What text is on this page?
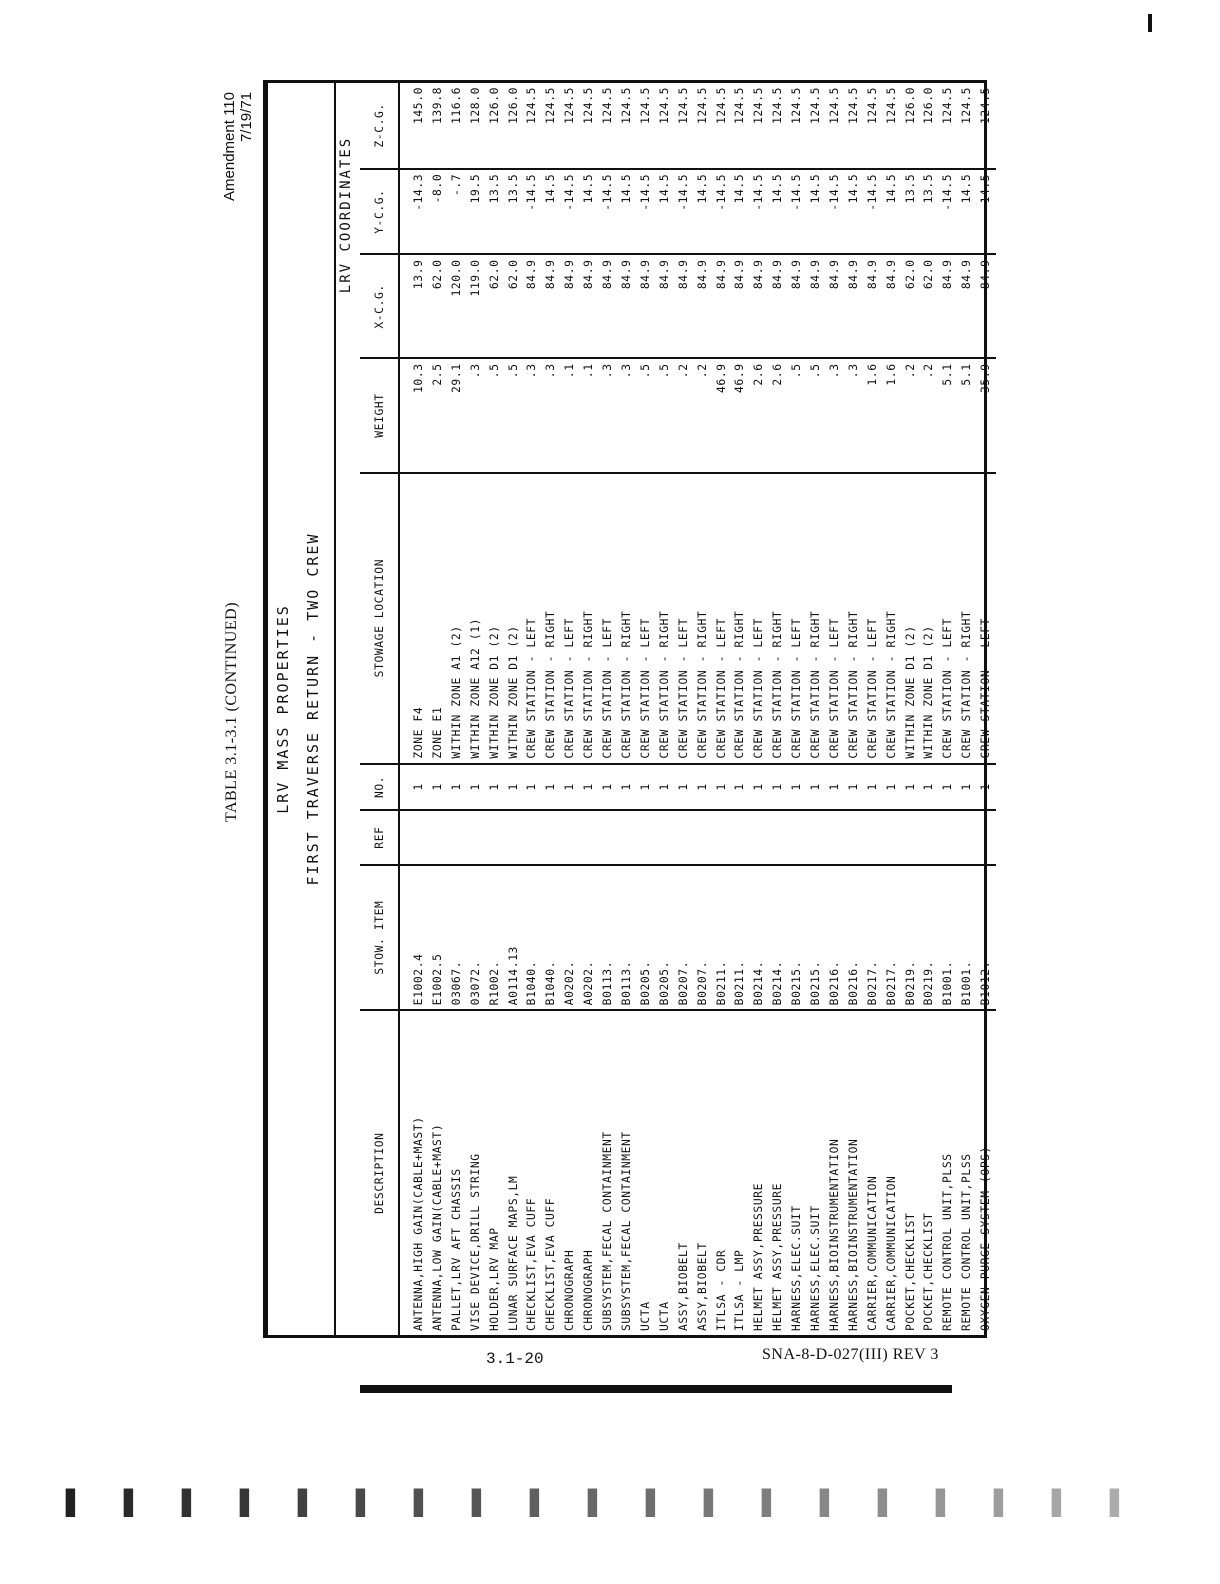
TABLE 3.1-3.1 (CONTINUED)
Amendment 110 7/19/71
LRV MASS PROPERTIES FIRST TRAVERSE RETURN - TWO CREW
LRV COORDINATES
DESCRIPTION	STOW. ITEM	REF	NO.	STOWAGE LOCATION	WEIGHT	X-C.G.	Y-C.G.	Z-C.G.
ANTENNA,HIGH GAIN(CABLE+MAST)	E1002.4		1	ZONE F4	10.3	13.9	-14.3	145.0
ANTENNA,LOW GAIN(CABLE+MAST)	E1002.5		1	ZONE E1	2.5	62.0	-8.0	139.8
PALLET,LRV AFT CHASSIS	03067.		1	WITHIN ZONE A1 (2)	29.1	120.0	-.7	116.6
VISE DEVICE,DRILL STRING	03072.		1	WITHIN ZONE A12 (1)	.3	119.0	19.5	128.0
HOLDER,LRV MAP	R1002.		1	WITHIN ZONE D1 (2)	.5	62.0	13.5	126.0
LUNAR SURFACE MAPS,LM	A0114.13		1	WITHIN ZONE D1 (2)	.5	62.0	13.5	126.0
CHECKLIST,EVA CUFF	B1040.		1	CREW STATION - LEFT	.3	84.9	-14.5	124.5
CHECKLIST,EVA CUFF	B1040.		1	CREW STATION - RIGHT	.3	84.9	14.5	124.5
CHRONOGRAPH	A0202.		1	CREW STATION - LEFT	.1	84.9	-14.5	124.5
CHRONOGRAPH	A0202.		1	CREW STATION - RIGHT	.1	84.9	14.5	124.5
SUBSYSTEM,FECAL CONTAINMENT	B0113.		1	CREW STATION - LEFT	.3	84.9	-14.5	124.5
SUBSYSTEM,FECAL CONTAINMENT	B0113.		1	CREW STATION - RIGHT	.3	84.9	14.5	124.5
UCTA	B0205.		1	CREW STATION - LEFT	.5	84.9	-14.5	124.5
UCTA	B0205.		1	CREW STATION - RIGHT	.5	84.9	14.5	124.5
ASSY,BIOBELT	B0207.		1	CREW STATION - LEFT	.2	84.9	-14.5	124.5
ASSY,BIOBELT	B0207.		1	CREW STATION - RIGHT	.2	84.9	14.5	124.5
ITLSA - CDR	B0211.		1	CREW STATION - LEFT	46.9	84.9	-14.5	124.5
ITLSA - LMP	B0211.		1	CREW STATION - RIGHT	46.9	84.9	14.5	124.5
HELMET ASSY,PRESSURE	B0214.		1	CREW STATION - LEFT	2.6	84.9	-14.5	124.5
HELMET ASSY,PRESSURE	B0214.		1	CREW STATION - RIGHT	2.6	84.9	14.5	124.5
HARNESS,ELEC.SUIT	B0215.		1	CREW STATION - LEFT	.5	84.9	-14.5	124.5
HARNESS,ELEC.SUIT	B0215.		1	CREW STATION - RIGHT	.5	84.9	14.5	124.5
HARNESS,BIOINSTRUMENTATION	B0216.		1	CREW STATION - LEFT	.3	84.9	-14.5	124.5
HARNESS,BIOINSTRUMENTATION	B0216.		1	CREW STATION - RIGHT	.3	84.9	14.5	124.5
CARRIER,COMMUNICATION	B0217.		1	CREW STATION - LEFT	1.6	84.9	-14.5	124.5
CARRIER,COMMUNICATION	B0217.		1	CREW STATION - RIGHT	1.6	84.9	14.5	124.5
POCKET,CHECKLIST	B0219.		1	WITHIN ZONE D1 (2)	.2	62.0	13.5	126.0
POCKET,CHECKLIST	B0219.		1	WITHIN ZONE D1 (2)	.2	62.0	13.5	126.0
REMOTE CONTROL UNIT,PLSS	B1001.		1	CREW STATION - LEFT	5.1	84.9	-14.5	124.5
REMOTE CONTROL UNIT,PLSS	B1001.		1	CREW STATION - RIGHT	5.1	84.9	14.5	124.5
OXYGEN PURGE SYSTEM (OPS)	B1012.		1	CREW STATION - LEFT	35.9	84.9	-14.5	124.5
3.1-20	SNA-8-D-027(III) REV 3
▌ ▌ ▌ ▌ ▌ ▌ ▌ ▌ ▌ ▌ ▌ ▌ ▌ ▌ ▌ ▌ ▌ ▌ ▌
